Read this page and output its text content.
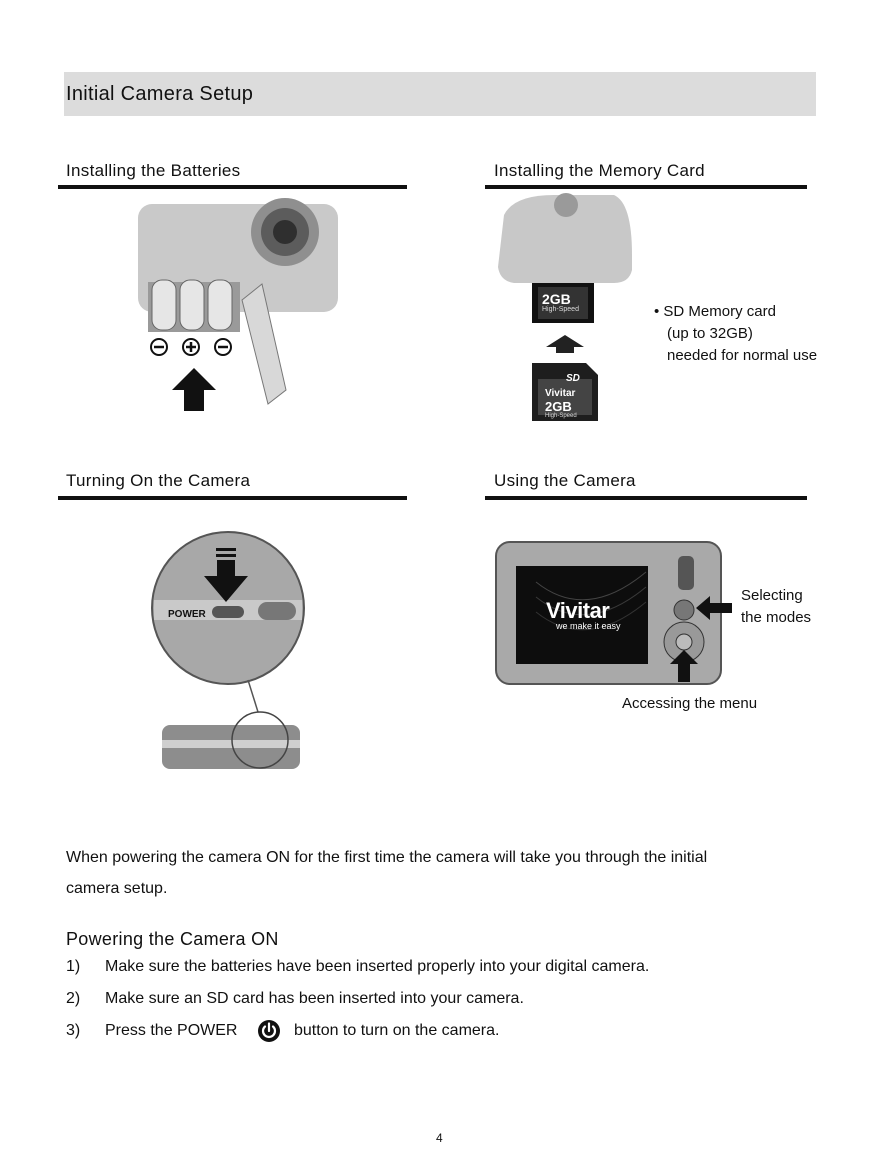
Initial Camera Setup
Installing the Batteries	Installing the Memory Card
Turning On the Camera	Using the Camera
2GB
High-Speed
SD
Vivitar
2GB
High-Speed
• SD Memory card
(up to 32GB)
needed for normal use
POWER	Vivitar
we make it easy
Selecting
the modes
Accessing the menu
When powering the camera ON for the first time the camera will take you through the initial
camera setup.
Powering the Camera ON
1) Make sure the batteries have been inserted properly into your digital camera.
2) Make sure an SD card has been inserted into your camera.
3) Press the POWER	button to turn on the camera.
4
